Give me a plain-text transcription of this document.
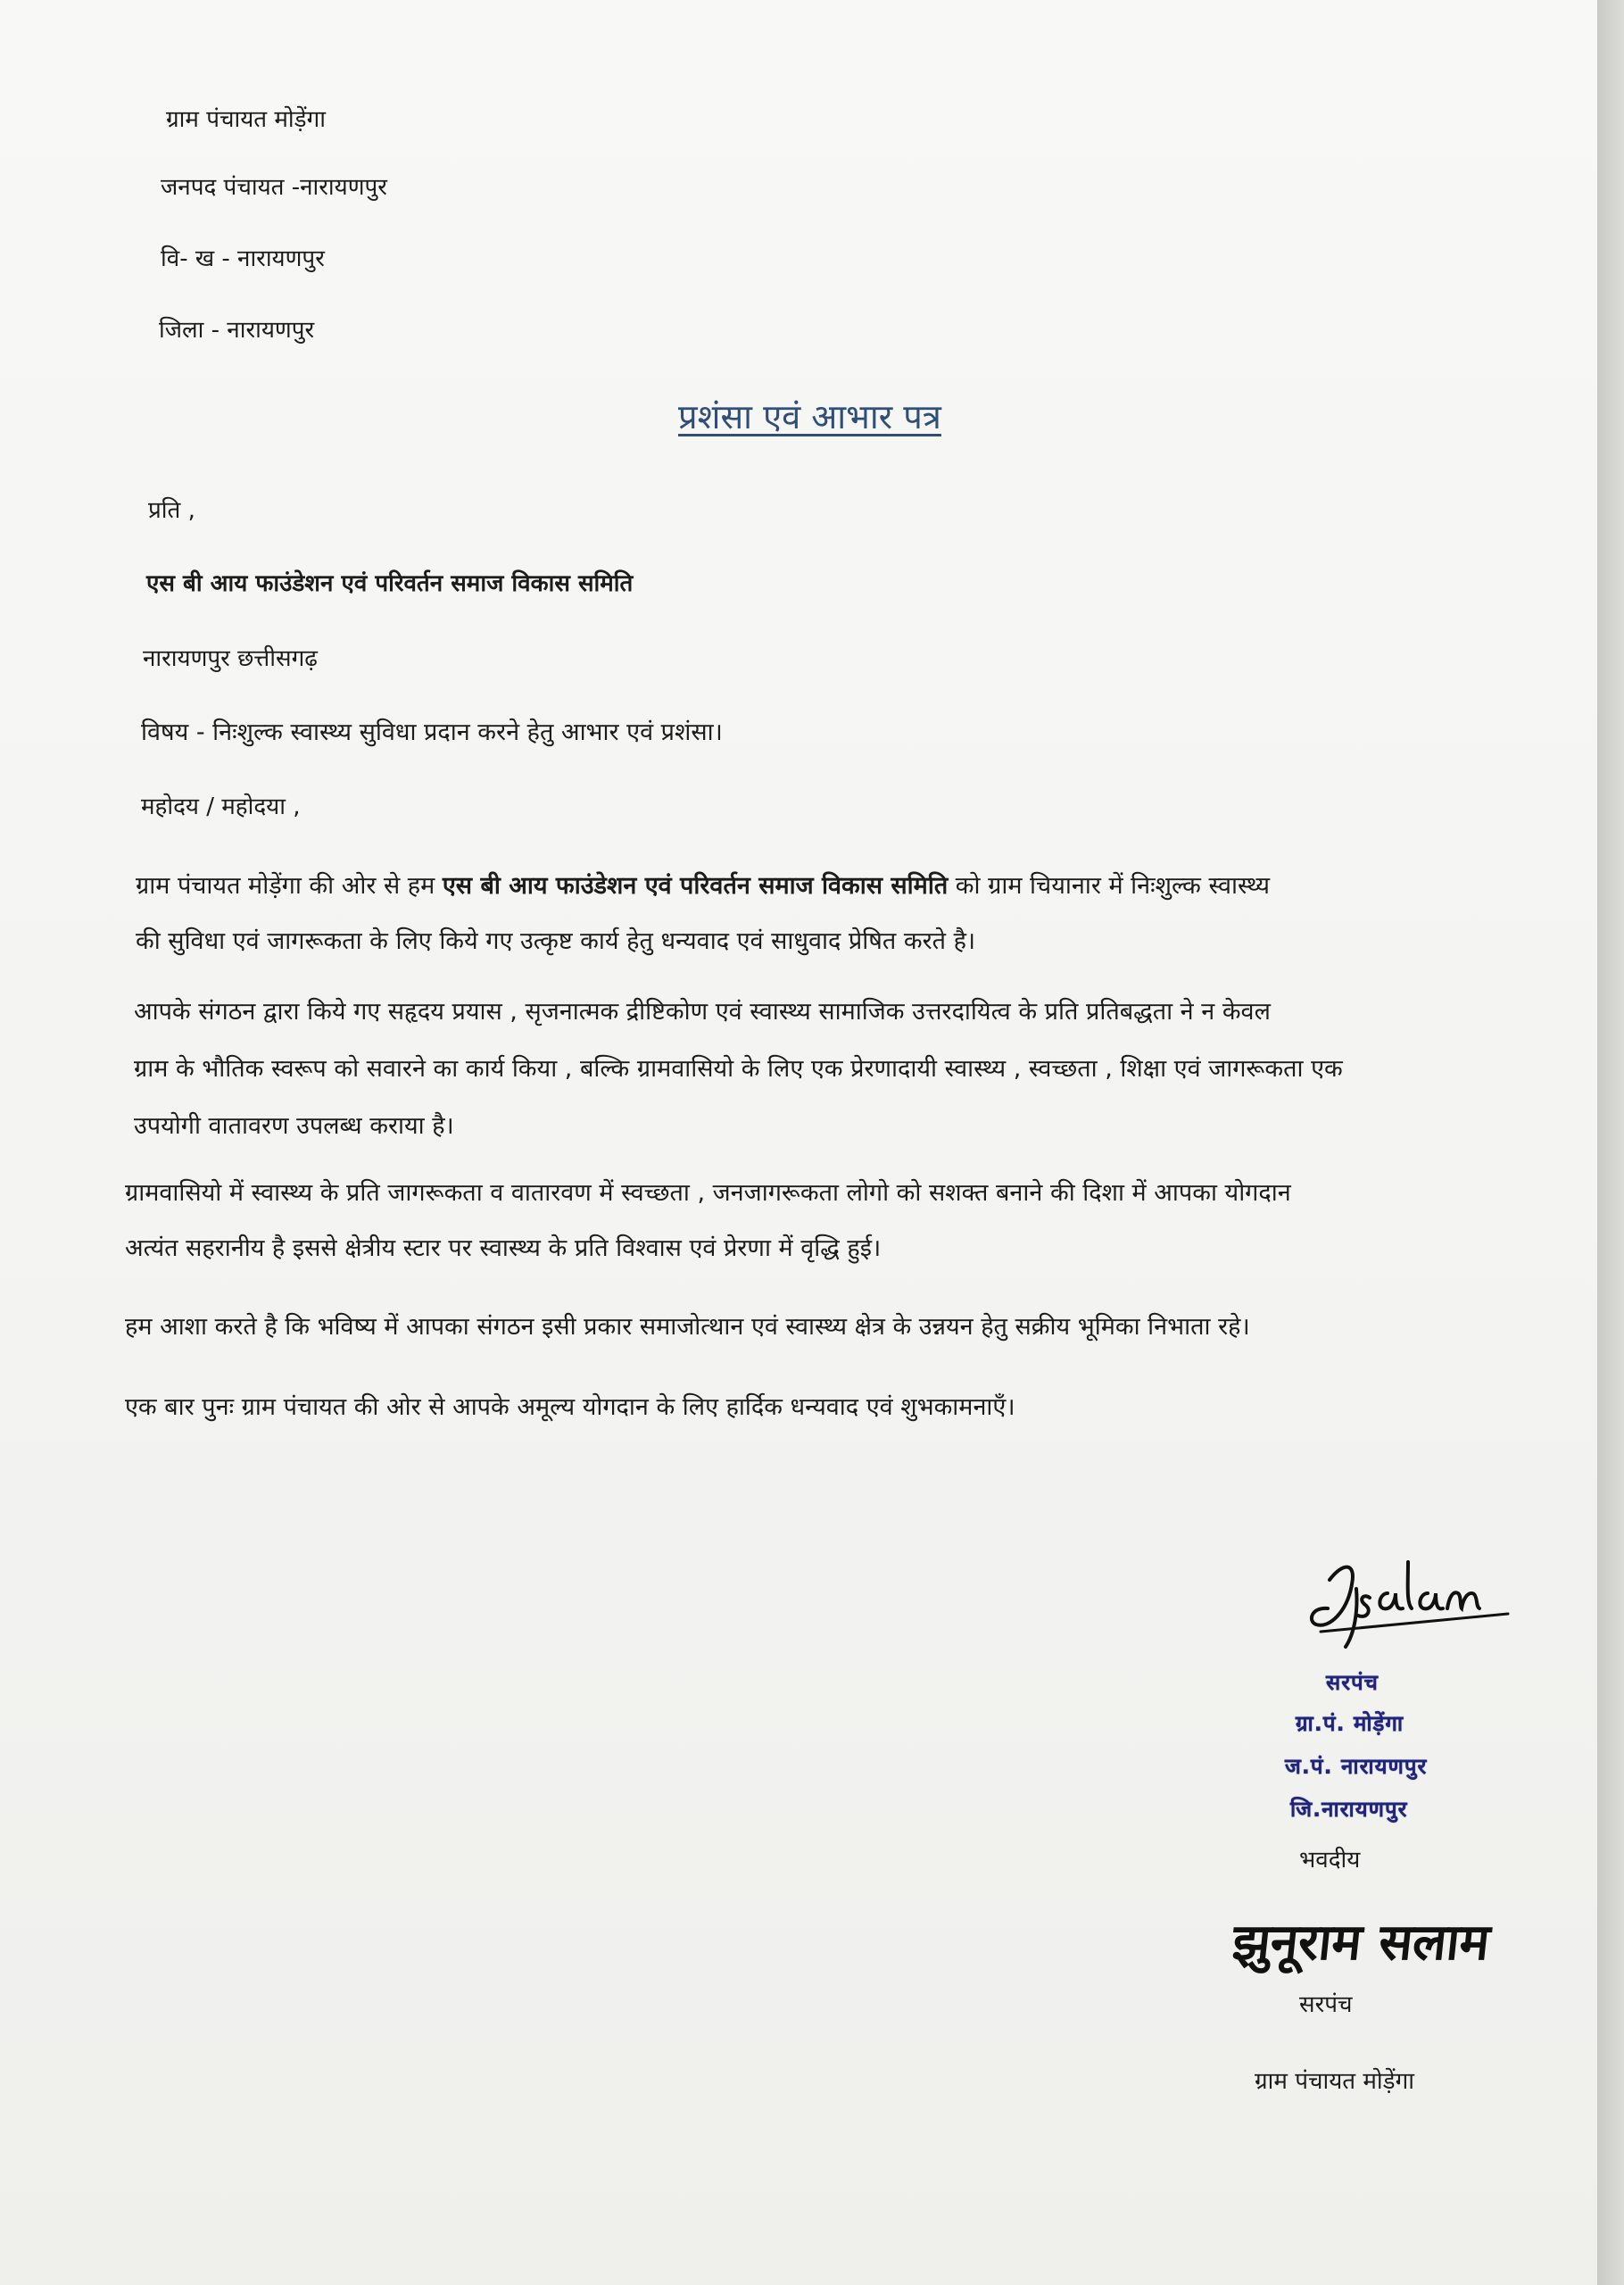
ग्राम पंचायत मोड़ेंगा
जनपद पंचायत -नारायणपुर
वि- ख - नारायणपुर
जिला - नारायणपुर
प्रशंसा एवं आभार पत्र
प्रति ,
एस बी आय फाउंडेशन एवं परिवर्तन समाज विकास समिति
नारायणपुर छत्तीसगढ़
विषय - निःशुल्क स्वास्थ्य सुविधा प्रदान करने हेतु आभार एवं प्रशंसा।
महोदय / महोदया ,
ग्राम पंचायत मोड़ेंगा की ओर से हम एस बी आय फाउंडेशन एवं परिवर्तन समाज विकास समिति को ग्राम चियानार में निःशुल्क स्वास्थ्य
की सुविधा एवं जागरूकता के लिए किये गए उत्कृष्ट कार्य हेतु धन्यवाद एवं साधुवाद प्रेषित करते है।
आपके संगठन द्वारा किये गए सहृदय प्रयास , सृजनात्मक द्रीष्टिकोण एवं स्वास्थ्य सामाजिक उत्तरदायित्व के प्रति प्रतिबद्धता ने न केवल
ग्राम के भौतिक स्वरूप को सवारने का कार्य किया , बल्कि ग्रामवासियो के लिए एक प्रेरणादायी स्वास्थ्य , स्वच्छता , शिक्षा एवं जागरूकता एक
उपयोगी वातावरण उपलब्ध कराया है।
ग्रामवासियो में स्वास्थ्य के प्रति जागरूकता व वातारवण में स्वच्छता , जनजागरूकता लोगो को सशक्त बनाने की दिशा में आपका योगदान
अत्यंत सहरानीय है इससे क्षेत्रीय स्टार पर स्वास्थ्य के प्रति विश्वास एवं प्रेरणा में वृद्धि हुई।
हम आशा करते है कि भविष्य में आपका संगठन इसी प्रकार समाजोत्थान एवं स्वास्थ्य क्षेत्र के उन्नयन हेतु सक्रीय भूमिका निभाता रहे।
एक बार पुनः ग्राम पंचायत की ओर से आपके अमूल्य योगदान के लिए हार्दिक धन्यवाद एवं शुभकामनाएँ।
सरपंच
ग्रा.पं. मोड़ेंगा
ज.पं. नारायणपुर
जि.नारायणपुर
भवदीय
झुनूराम सलाम
सरपंच
ग्राम पंचायत मोड़ेंगा
